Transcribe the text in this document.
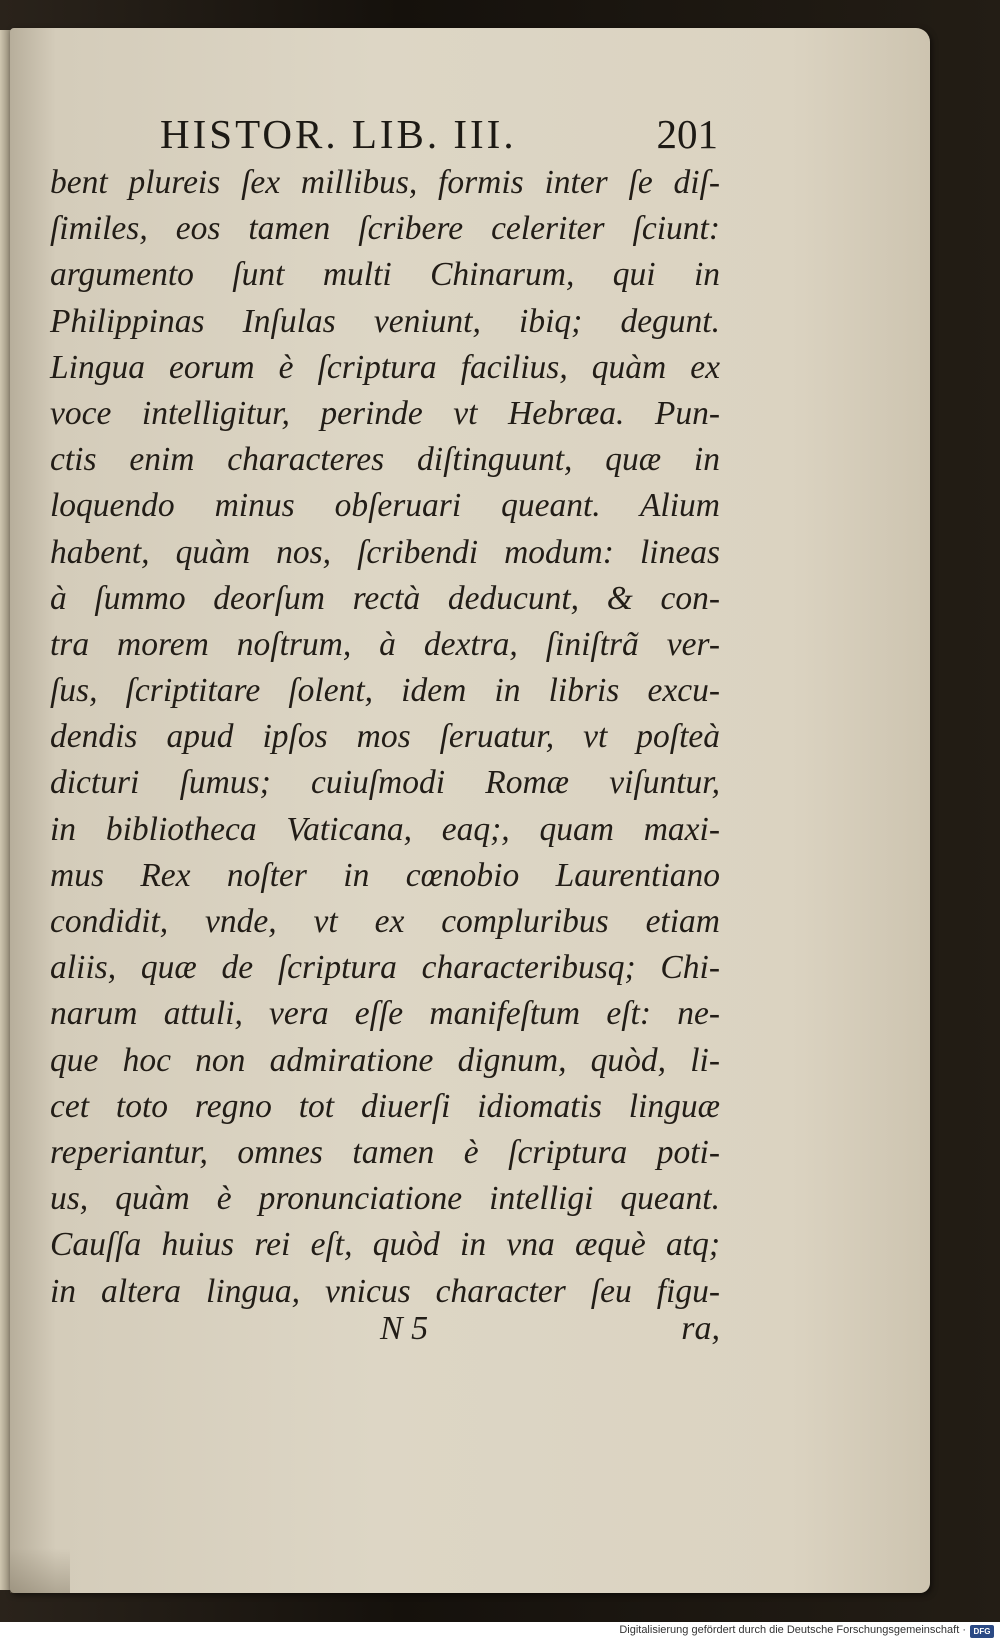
HISTOR. LIB. III.	201
bent plureis ſex millibus, formis inter ſe diſ-
ſimiles, eos tamen ſcribere celeriter ſciunt:
argumento ſunt multi Chinarum, qui in
Philippinas Inſulas veniunt, ibiq; degunt.
Lingua eorum è ſcriptura facilius, quàm ex
voce intelligitur, perinde vt Hebræa. Pun-
ctis enim characteres diſtinguunt, quæ in
loquendo minus obſeruari queant. Alium
habent, quàm nos, ſcribendi modum: lineas
à ſummo deorſum rectà deducunt, & con-
tra morem noſtrum, à dextra, ſiniſtrã ver-
ſus, ſcriptitare ſolent, idem in libris excu-
dendis apud ipſos mos ſeruatur, vt poſteà
dicturi ſumus; cuiuſmodi Romæ viſuntur,
in bibliotheca Vaticana, eaq;, quam maxi-
mus Rex noſter in cœnobio Laurentiano
condidit, vnde, vt ex compluribus etiam
aliis, quæ de ſcriptura characteribusq; Chi-
narum attuli, vera eſſe manifeſtum eſt: ne-
que hoc non admiratione dignum, quòd, li-
cet toto regno tot diuerſi idiomatis linguæ
reperiantur, omnes tamen è ſcriptura poti-
us, quàm è pronunciatione intelligi queant.
Cauſſa huius rei eſt, quòd in vna æquè atq;
in altera lingua, vnicus character ſeu figu-
N 5	ra,
Digitalisierung gefördert durch die Deutsche Forschungsgemeinschaft · DFG
